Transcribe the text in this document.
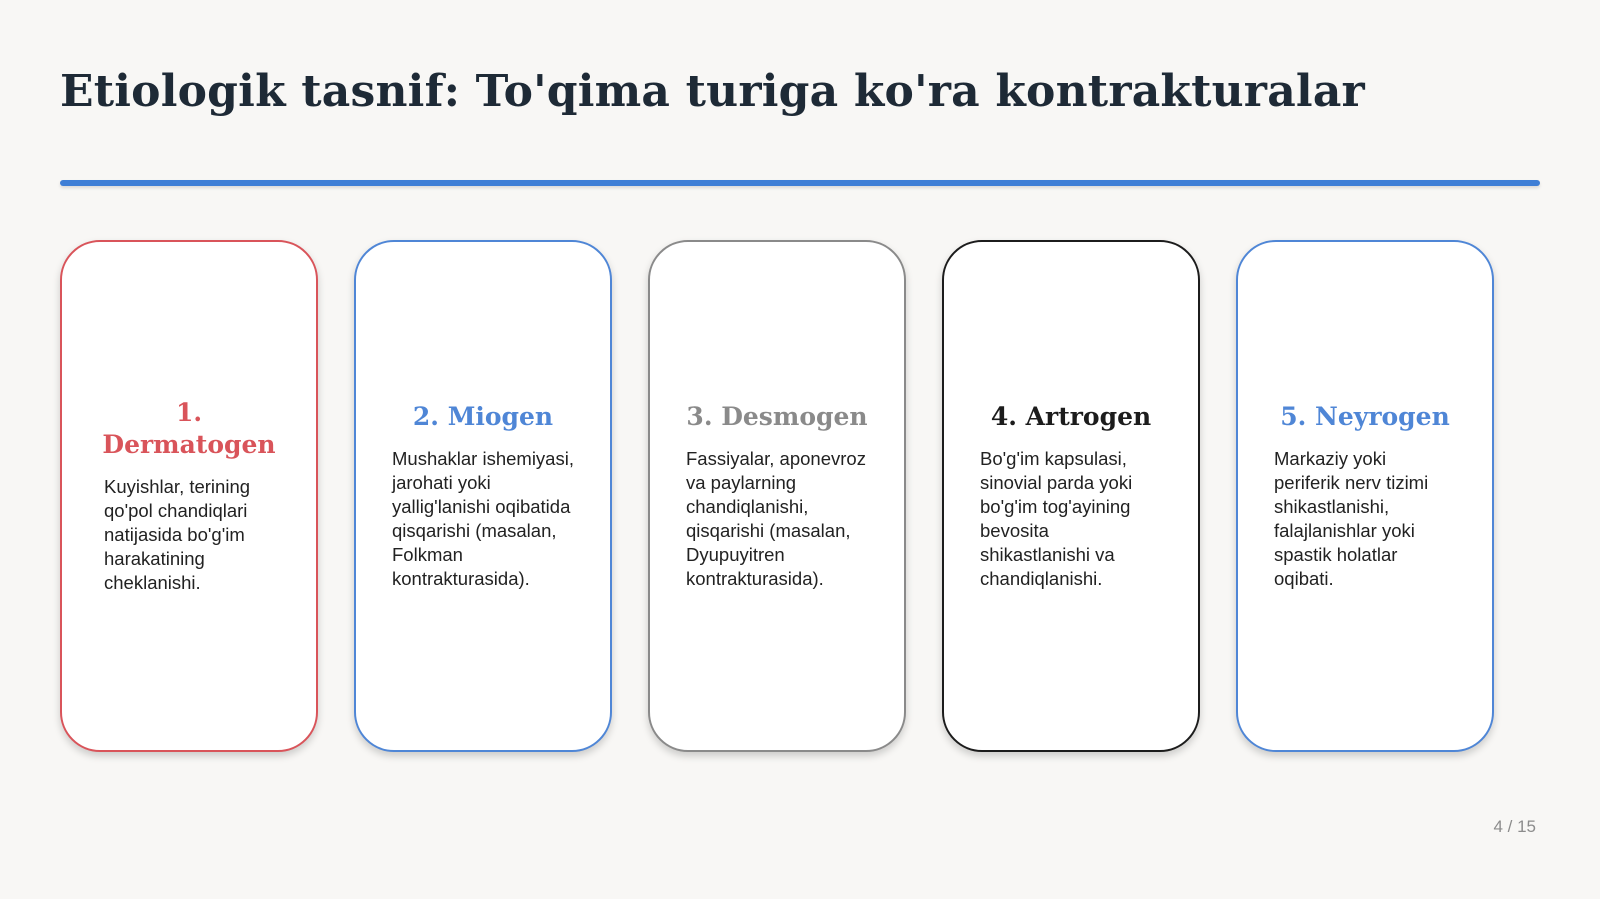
Etiologik tasnif: To'qima turiga ko'ra kontrakturalar
1. Dermatogen

Kuyishlar, terining qo'pol chandiqlari natijasida bo'g'im harakatining cheklanishi.

2. Miogen

Mushaklar ishemiyasi, jarohati yoki yallig'lanishi oqibatida qisqarishi (masalan, Folkman kontrakturasida).

3. Desmogen

Fassiyalar, aponevroz va paylarning chandiqlanishi, qisqarishi (masalan, Dyupuyitren kontrakturasida).

4. Artrogen

Bo'g'im kapsulasi, sinovial parda yoki bo'g'im tog'ayining bevosita shikastlanishi va chandiqlanishi.

5. Neyrogen

Markaziy yoki periferik nerv tizimi shikastlanishi, falajlanishlar yoki spastik holatlar oqibati.

4 / 15
